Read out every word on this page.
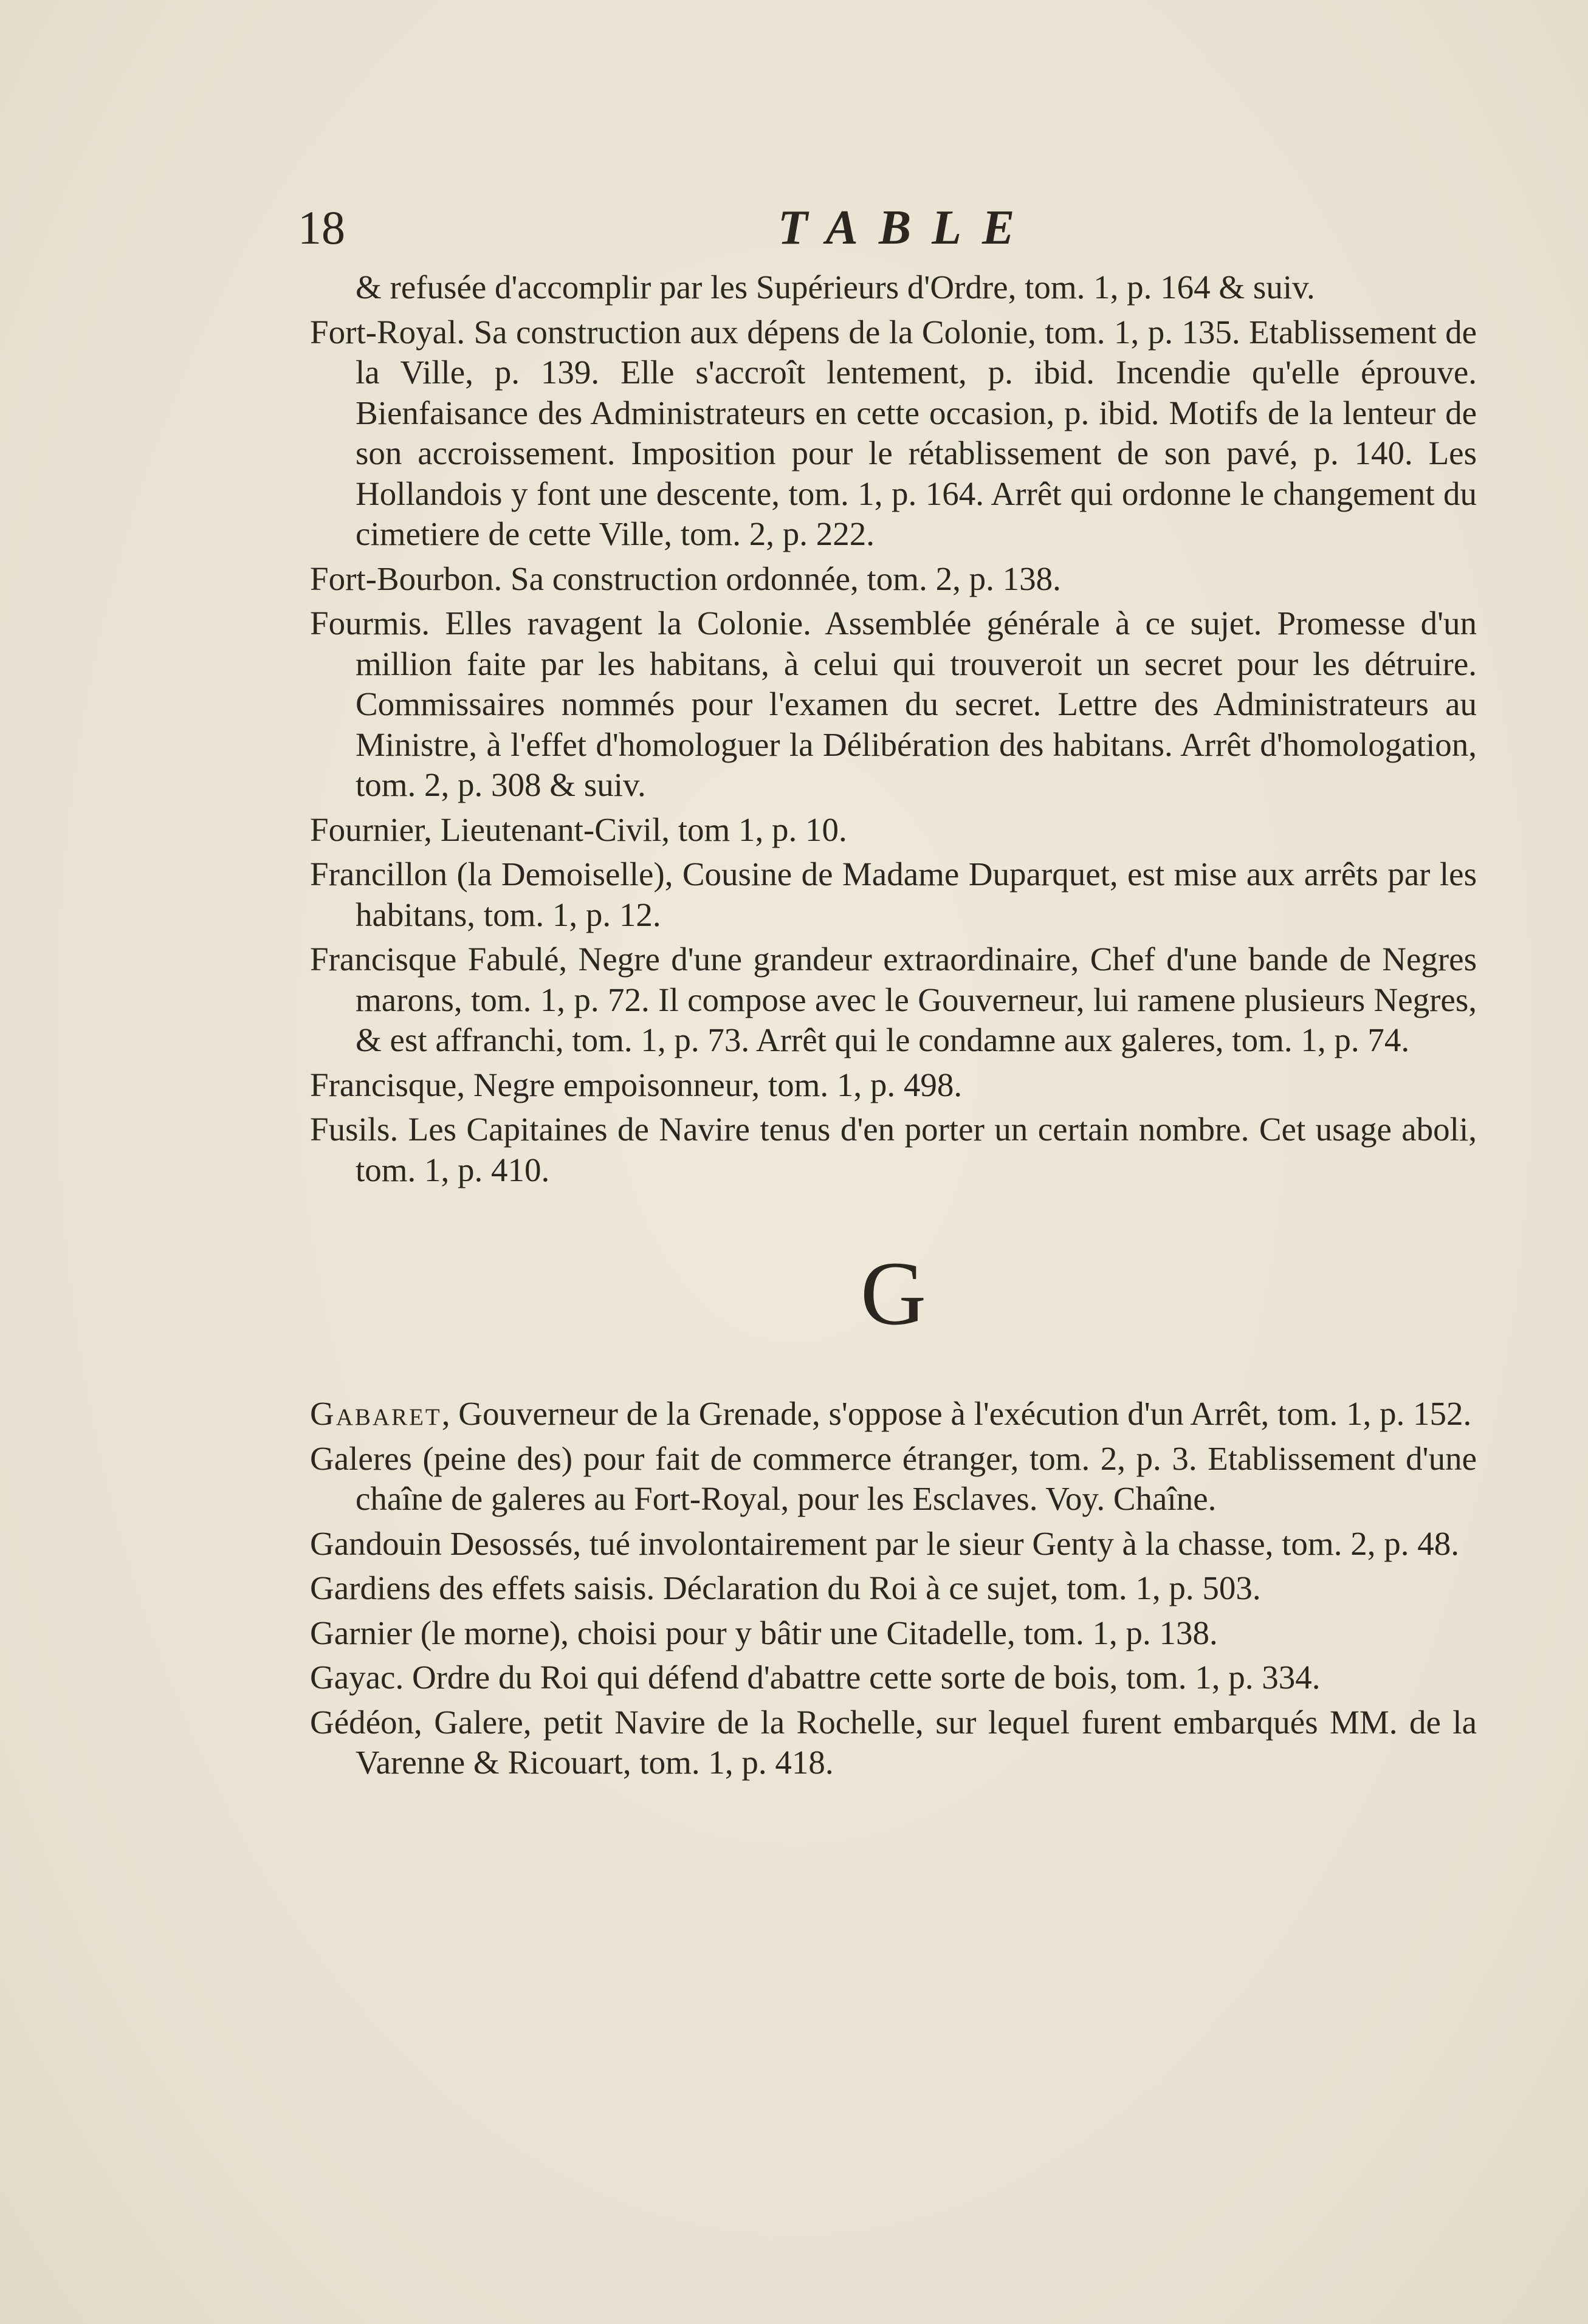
18	TABLE

& refusée d'accomplir par les Supérieurs d'Ordre, tom. 1, p. 164 & suiv.

Fort-Royal. Sa construction aux dépens de la Colonie, tom. 1, p. 135. Etablissement de la Ville, p. 139. Elle s'accroît lentement, p. ibid. Incendie qu'elle éprouve. Bienfaisance des Administrateurs en cette occasion, p. ibid. Motifs de la lenteur de son accroissement. Imposition pour le rétablissement de son pavé, p. 140. Les Hollandois y font une descente, tom. 1, p. 164. Arrêt qui ordonne le changement du cimetiere de cette Ville, tom. 2, p. 222.

Fort-Bourbon. Sa construction ordonnée, tom. 2, p. 138.

Fourmis. Elles ravagent la Colonie. Assemblée générale à ce sujet. Promesse d'un million faite par les habitans, à celui qui trouveroit un secret pour les détruire. Commissaires nommés pour l'examen du secret. Lettre des Administrateurs au Ministre, à l'effet d'homologuer la Délibération des habitans. Arrêt d'homologation, tom. 2, p. 308 & suiv.

Fournier, Lieutenant-Civil, tom 1, p. 10.

Francillon (la Demoiselle), Cousine de Madame Duparquet, est mise aux arrêts par les habitans, tom. 1, p. 12.

Francisque Fabulé, Negre d'une grandeur extraordinaire, Chef d'une bande de Negres marons, tom. 1, p. 72. Il compose avec le Gouverneur, lui ramene plusieurs Negres, & est affranchi, tom. 1, p. 73. Arrêt qui le condamne aux galeres, tom. 1, p. 74.

Francisque, Negre empoisonneur, tom. 1, p. 498.

Fusils. Les Capitaines de Navire tenus d'en porter un certain nombre. Cet usage aboli, tom. 1, p. 410.

G

Gabaret, Gouverneur de la Grenade, s'oppose à l'exécution d'un Arrêt, tom. 1, p. 152.

Galeres (peine des) pour fait de commerce étranger, tom. 2, p. 3. Etablissement d'une chaîne de galeres au Fort-Royal, pour les Esclaves. Voy. Chaîne.

Gandouin Desossés, tué involontairement par le sieur Genty à la chasse, tom. 2, p. 48.

Gardiens des effets saisis. Déclaration du Roi à ce sujet, tom. 1, p. 503.

Garnier (le morne), choisi pour y bâtir une Citadelle, tom. 1, p. 138.

Gayac. Ordre du Roi qui défend d'abattre cette sorte de bois, tom. 1, p. 334.

Gédéon, Galere, petit Navire de la Rochelle, sur lequel furent embarqués MM. de la Varenne & Ricouart, tom. 1, p. 418.
